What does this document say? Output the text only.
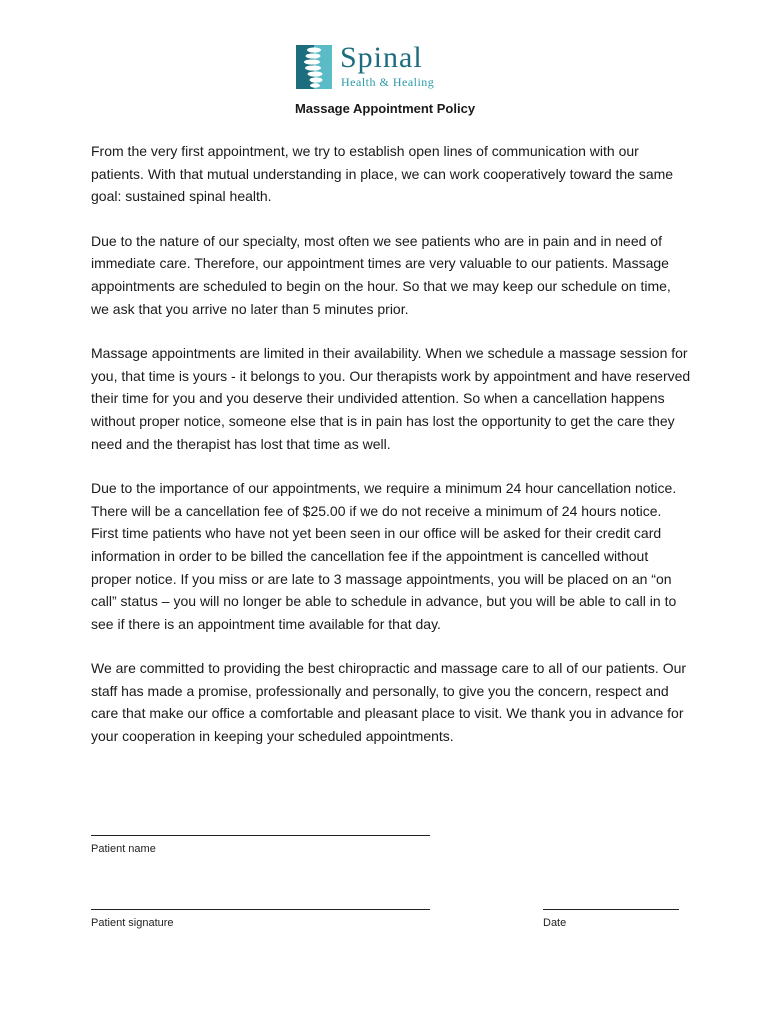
Spinal
Health & Healing
Massage Appointment Policy

From the very first appointment, we try to establish open lines of communication with our patients. With that mutual understanding in place, we can work cooperatively toward the same goal: sustained spinal health.

Due to the nature of our specialty, most often we see patients who are in pain and in need of immediate care. Therefore, our appointment times are very valuable to our patients. Massage appointments are scheduled to begin on the hour. So that we may keep our schedule on time, we ask that you arrive no later than 5 minutes prior.

Massage appointments are limited in their availability. When we schedule a massage session for you, that time is yours - it belongs to you. Our therapists work by appointment and have reserved their time for you and you deserve their undivided attention. So when a cancellation happens without proper notice, someone else that is in pain has lost the opportunity to get the care they need and the therapist has lost that time as well.

Due to the importance of our appointments, we require a minimum 24 hour cancellation notice. There will be a cancellation fee of $25.00 if we do not receive a minimum of 24 hours notice. First time patients who have not yet been seen in our office will be asked for their credit card information in order to be billed the cancellation fee if the appointment is cancelled without proper notice. If you miss or are late to 3 massage appointments, you will be placed on an “on call” status – you will no longer be able to schedule in advance, but you will be able to call in to see if there is an appointment time available for that day.

We are committed to providing the best chiropractic and massage care to all of our patients. Our staff has made a promise, professionally and personally, to give you the concern, respect and care that make our office a comfortable and pleasant place to visit. We thank you in advance for your cooperation in keeping your scheduled appointments.

Patient name
Patient signature	Date
